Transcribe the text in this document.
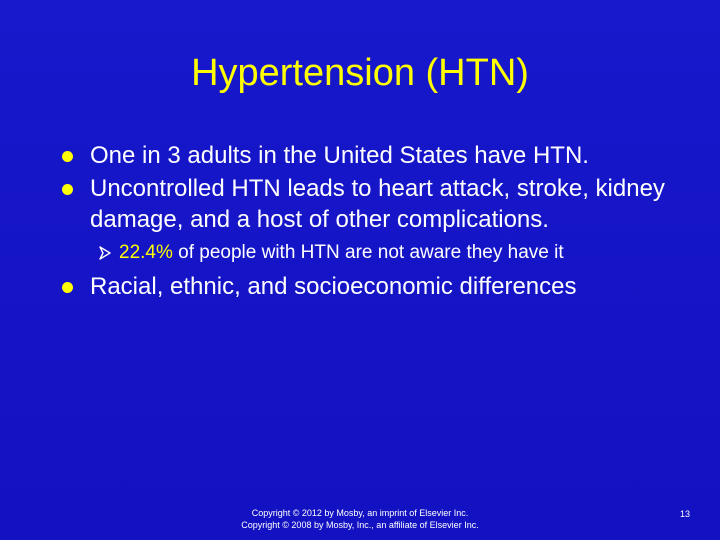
Hypertension (HTN)
One in 3 adults in the United States have HTN.
Uncontrolled HTN leads to heart attack, stroke, kidney damage, and a host of other complications.
22.4% of people with HTN are not aware they have it
Racial, ethnic, and socioeconomic differences
Copyright © 2012 by Mosby, an imprint of Elsevier Inc.
Copyright © 2008 by Mosby, Inc., an affiliate of Elsevier Inc.
13
